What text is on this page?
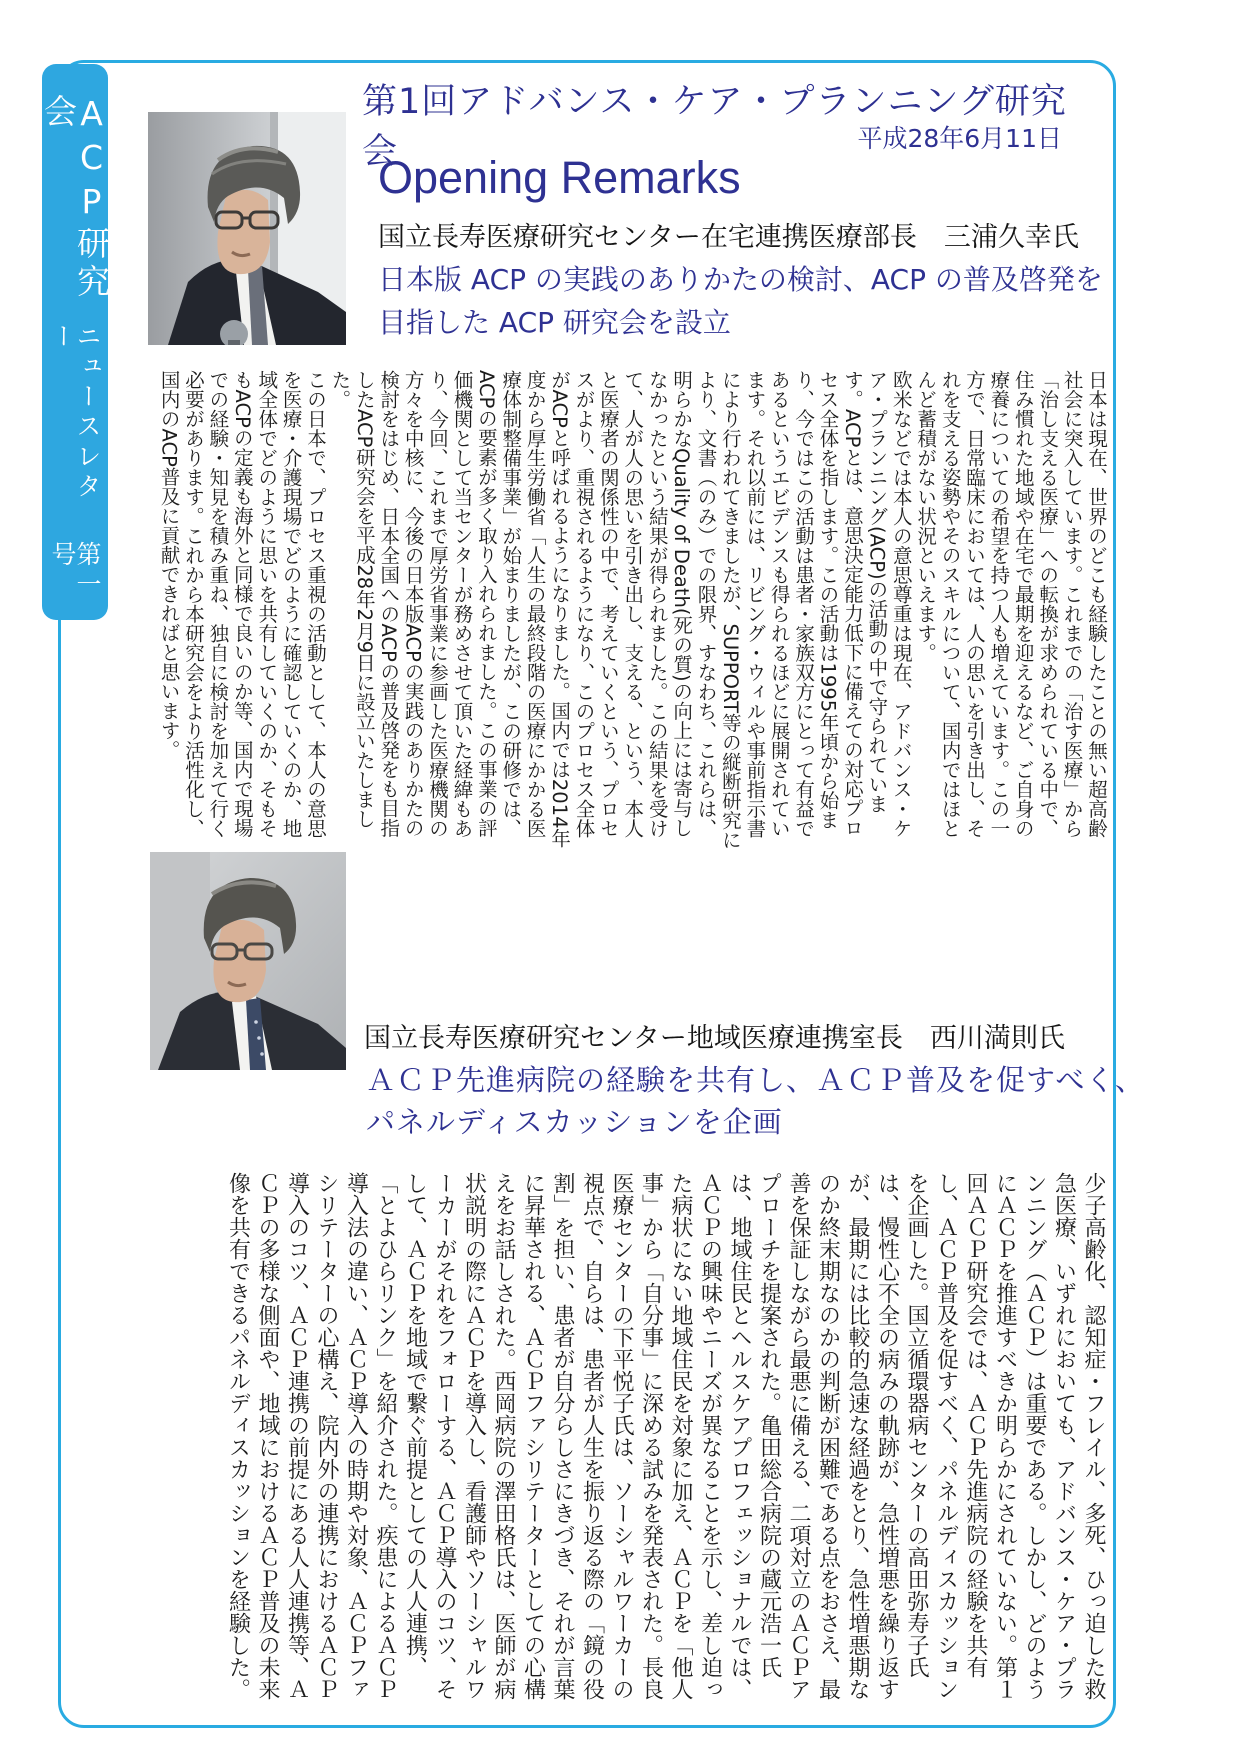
ACP研究会
ニュースレター
第一号
第1回アドバンス・ケア・プランニング研究会	平成28年6月11日
Opening Remarks
国立長寿医療研究センター在宅連携医療部長　三浦久幸氏
日本版 ACP の実践のありかたの検討、ACP の普及啓発を
目指した ACP 研究会を設立

日本は現在、世界のどこも経験したことの無い超高齢社会に突入しています。これまでの「治す医療」から「治し支える医療」への転換が求められている中で、住み慣れた地域や在宅で最期を迎えるなど、ご自身の療養についての希望を持つ人も増えています。この一方で、日常臨床においては、人の思いを引き出し、それを支える姿勢やそのスキルについて、国内ではほとんど蓄積がない状況といえます。

欧米などでは本人の意思尊重は現在、アドバンス・ケア・プランニング(ACP)の活動の中で守られています。ACPとは、意思決定能力低下に備えての対応プロセス全体を指します。この活動は1995年頃から始まり、今ではこの活動は患者・家族双方にとって有益であるというエビデンスも得られるほどに展開されています。それ以前には、リビング・ウィルや事前指示書により行われてきましたが、SUPPORT等の縦断研究により、文書（のみ）での限界、すなわち、これらは、明らかなQuality of Death(死の質)の向上には寄与しなかったという結果が得られました。この結果を受けて、人が人の思いを引き出し、支える、という、本人と医療者の関係性の中で、考えていくという、プロセスがより、重視されるようになり、このプロセス全体がACPと呼ばれるようになりました。国内では2014年度から厚生労働省「人生の最終段階の医療にかかる医療体制整備事業」が始まりましたが、この研修では、ACPの要素が多く取り入れられました。この事業の評価機関として当センターが務めさせて頂いた経緯もあり、今回、これまで厚労省事業に参画した医療機関の方々を中核に、今後の日本版ACPの実践のありかたの検討をはじめ、日本全国へのACPの普及啓発をも目指したACP研究会を平成28年2月9日に設立いたしました。

この日本で、プロセス重視の活動として、本人の意思を医療・介護現場でどのように確認していくのか、地域全体でどのように思いを共有していくのか、そもそもACPの定義も海外と同様で良いのか等、国内で現場での経験・知見を積み重ね、独自に検討を加えて行く必要があります。これから本研究会をより活性化し、国内のACP普及に貢献できればと思います。

国立長寿医療研究センター地域医療連携室長　西川満則氏
ＡＣＰ先進病院の経験を共有し、ＡＣＰ普及を促すべく、
パネルディスカッションを企画

少子高齢化、認知症・フレイル、多死、ひっ迫した救急医療、いずれにおいても、アドバンス・ケア・プランニング（ＡＣＰ）は重要である。しかし、どのようにＡＣＰを推進すべきか明らかにされていない。第１回ＡＣＰ研究会では、ＡＣＰ先進病院の経験を共有し、ＡＣＰ普及を促すべく、パネルディスカッションを企画した。国立循環器病センターの高田弥寿子氏は、慢性心不全の病みの軌跡が、急性増悪を繰り返すが、最期には比較的急速な経過をとり、急性増悪期なのか終末期なのかの判断が困難である点をおさえ、最善を保証しながら最悪に備える、二項対立のＡＣＰアプローチを提案された。亀田総合病院の蔵元浩一氏は、地域住民とヘルスケアプロフェッショナルでは、ＡＣＰの興味やニーズが異なることを示し、差し迫った病状にない地域住民を対象に加え、ＡＣＰを「他人事」から「自分事」に深める試みを発表された。長良医療センターの下平悦子氏は、ソーシャルワーカーの視点で、自らは、患者が人生を振り返る際の「鏡の役割」を担い、患者が自分らしさにきづき、それが言葉に昇華される、ＡＣＰファシリテーターとしての心構えをお話しされた。西岡病院の澤田格氏は、医師が病状説明の際にＡＣＰを導入し、看護師やソーシャルワーカーがそれをフォローする、ＡＣＰ導入のコツ、そして、ＡＣＰを地域で繋ぐ前提としての人人連携、「とよひらリンク」を紹介された。疾患によるＡＣＰ導入法の違い、ＡＣＰ導入の時期や対象、ＡＣＰファシリテーターの心構え、院内外の連携におけるＡＣＰ導入のコツ、ＡＣＰ連携の前提にある人人連携等、ＡＣＰの多様な側面や、地域におけるＡＣＰ普及の未来像を共有できるパネルディスカッションを経験した。
